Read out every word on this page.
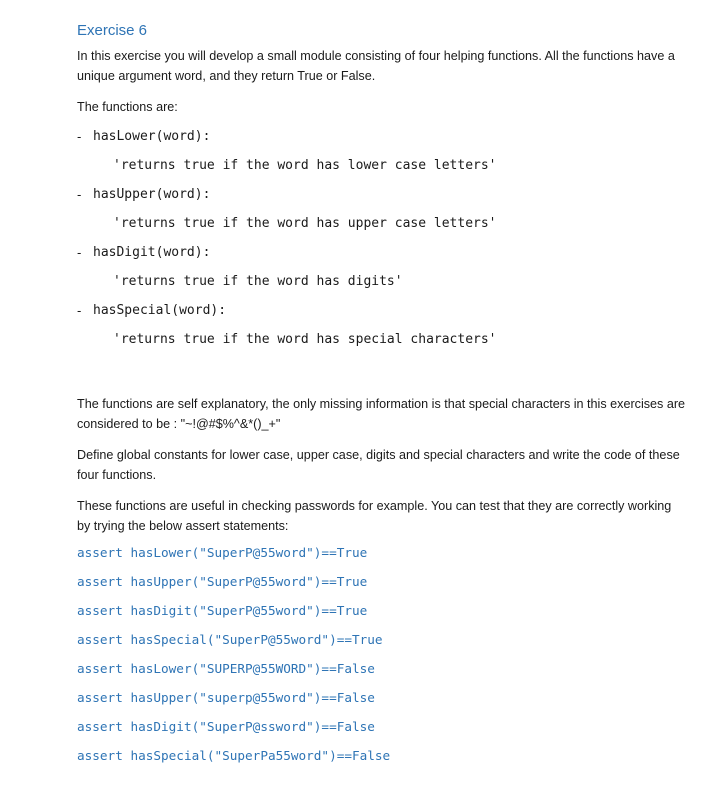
Exercise 6

In this exercise you will develop a small module consisting of four helping functions. All the functions have a unique argument word, and they return True or False.

The functions are:

- hasLower(word):
'returns true if the word has lower case letters'
- hasUpper(word):
'returns true if the word has upper case letters'
- hasDigit(word):
'returns true if the word has digits'
- hasSpecial(word):
'returns true if the word has special characters'

The functions are self explanatory, the only missing information is that special characters in this exercises are considered to be : "~!@#$%^&*()_+"

Define global constants for lower case, upper case, digits and special characters and write the code of these four functions.

These functions are useful in checking passwords for example. You can test that they are correctly working by trying the below assert statements:

assert hasLower("SuperP@55word")==True
assert hasUpper("SuperP@55word")==True
assert hasDigit("SuperP@55word")==True
assert hasSpecial("SuperP@55word")==True
assert hasLower("SUPERP@55WORD")==False
assert hasUpper("superp@55word")==False
assert hasDigit("SuperP@ssword")==False
assert hasSpecial("SuperPa55word")==False
